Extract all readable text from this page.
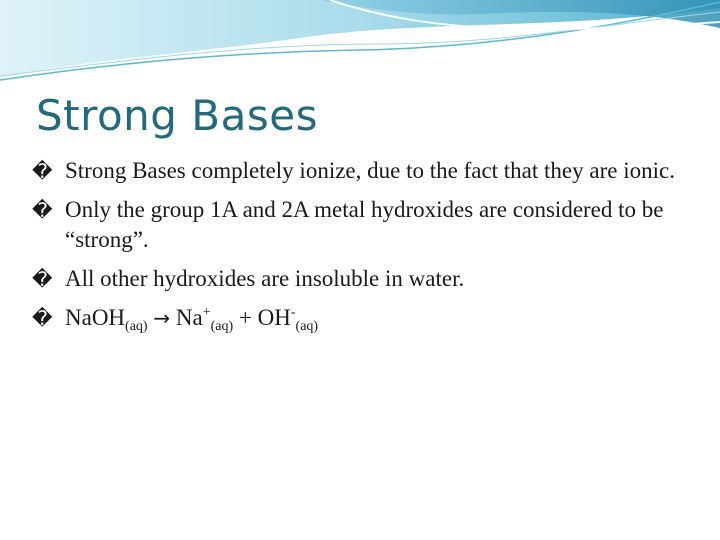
Strong Bases
� Strong Bases completely ionize, due to the fact that they are ionic.
� Only the group 1A and 2A metal hydroxides are considered to be “strong”.
� All other hydroxides are insoluble in water.
� NaOH$_{(aq)}$ → $Na^+_{(aq)} + OH^-_{(aq)}$
